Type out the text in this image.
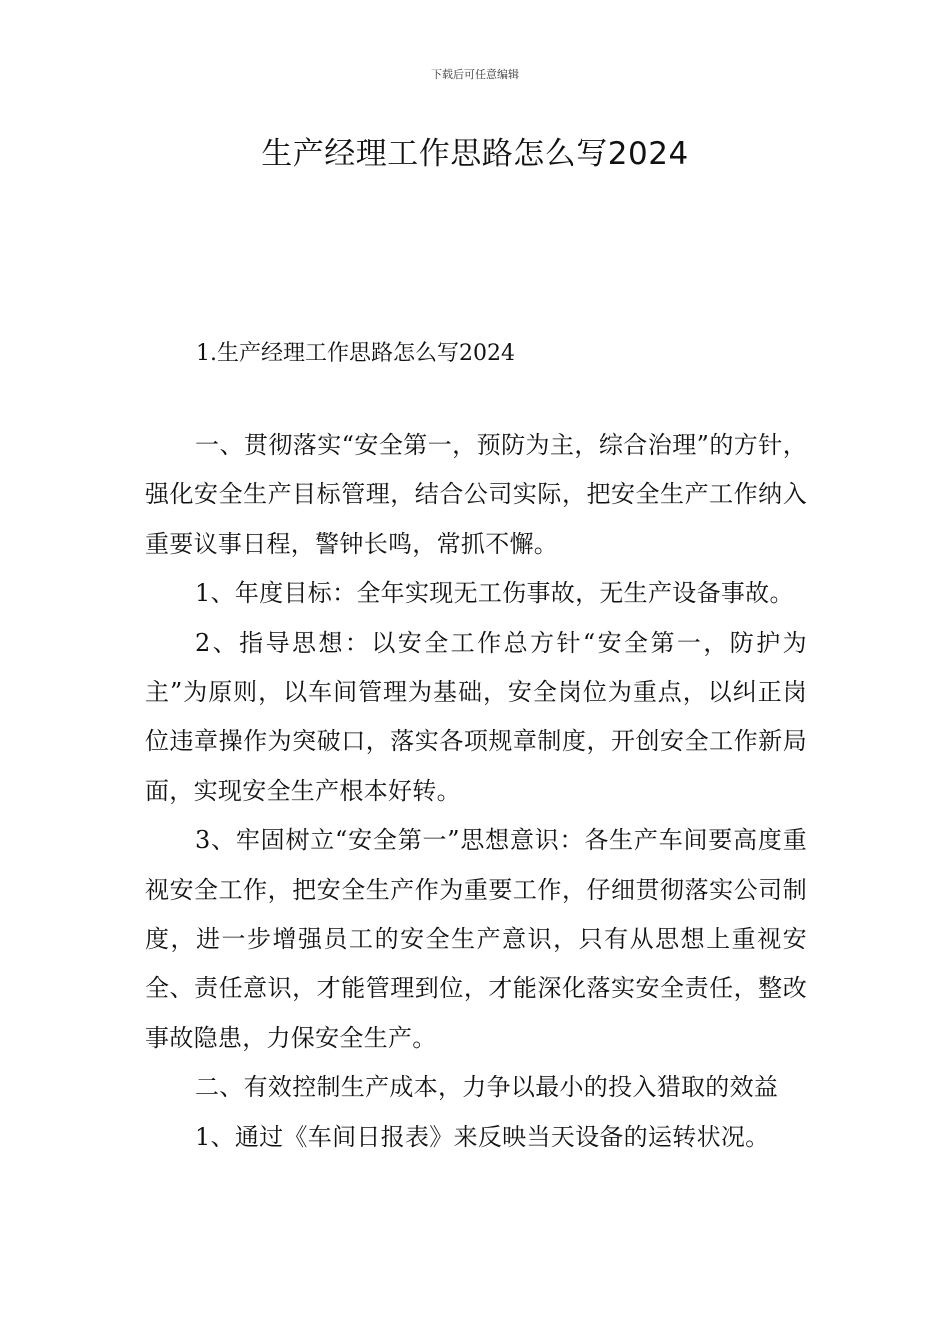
下载后可任意编辑
生产经理工作思路怎么写2024
1.生产经理工作思路怎么写2024

一、贯彻落实“安全第一，预防为主，综合治理”的方针，强化安全生产目标管理，结合公司实际，把安全生产工作纳入重要议事日程，警钟长鸣，常抓不懈。

1、年度目标：全年实现无工伤事故，无生产设备事故。

2、指导思想：以安全工作总方针“安全第一，防护为主”为原则，以车间管理为基础，安全岗位为重点，以纠正岗位违章操作为突破口，落实各项规章制度，开创安全工作新局面，实现安全生产根本好转。

3、牢固树立“安全第一”思想意识：各生产车间要高度重视安全工作，把安全生产作为重要工作，仔细贯彻落实公司制度，进一步增强员工的安全生产意识，只有从思想上重视安全、责任意识，才能管理到位，才能深化落实安全责任，整改事故隐患，力保安全生产。

二、有效控制生产成本，力争以最小的投入猎取的效益

1、通过《车间日报表》来反映当天设备的运转状况。
